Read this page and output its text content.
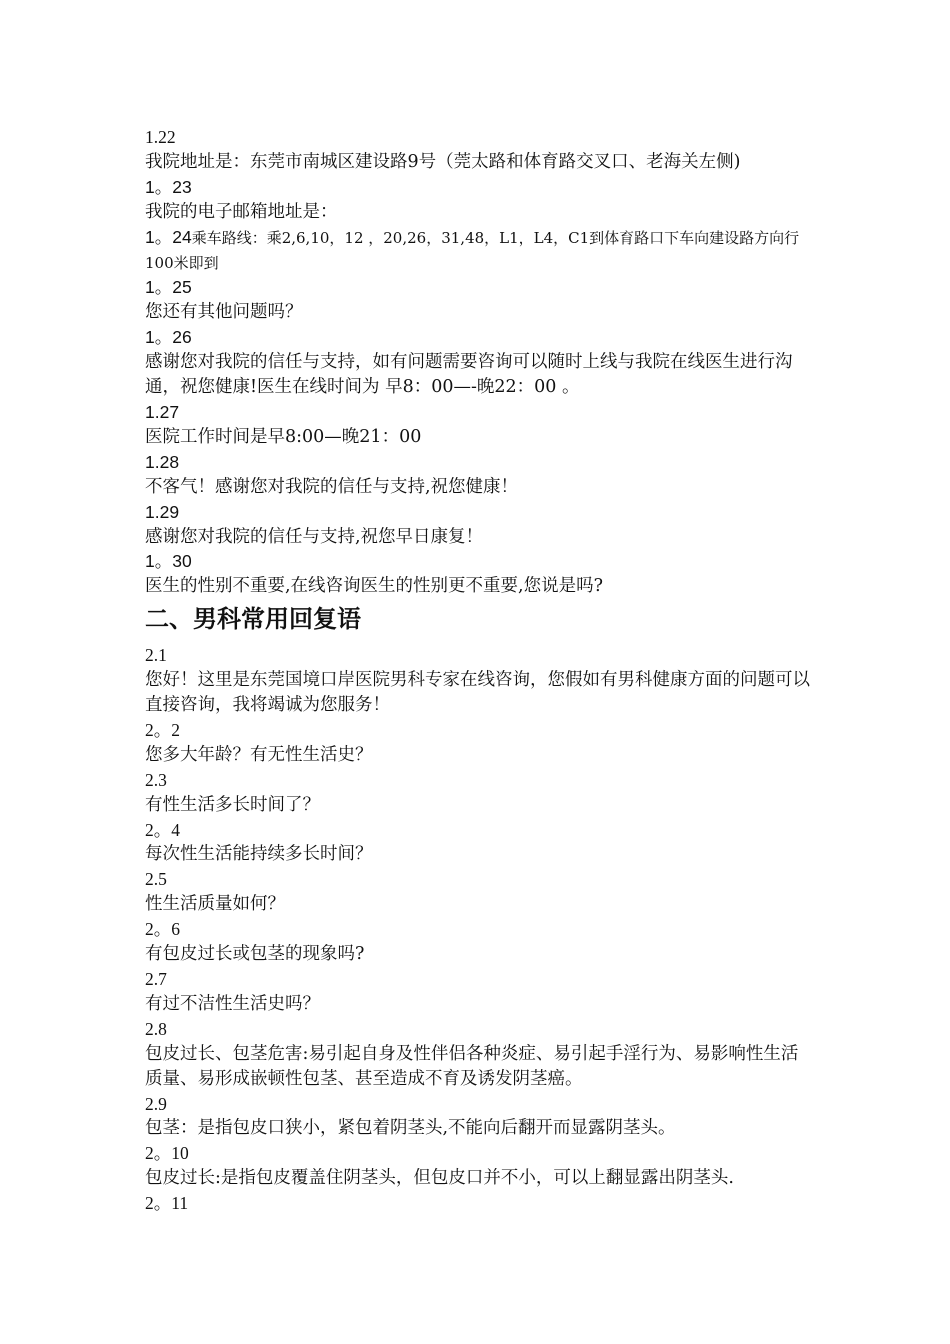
1.22
我院地址是：东莞市南城区建设路9号（莞太路和体育路交叉口、老海关左侧)
1。23
我院的电子邮箱地址是：
1。24乘车路线：乘2,6,10，12 ，20,26，31,48，L1，L4，C1到体育路口下车向建设路方向行100米即到
1。25
您还有其他问题吗？
1。26
感谢您对我院的信任与支持，如有问题需要咨询可以随时上线与我院在线医生进行沟通，祝您健康!医生在线时间为 早8：00—-晚22：00 。
1.27
医院工作时间是早8:00—晚21：00
1.28
不客气！感谢您对我院的信任与支持,祝您健康！
1.29
感谢您对我院的信任与支持,祝您早日康复！
1。30
医生的性别不重要,在线咨询医生的性别更不重要,您说是吗?
二、男科常用回复语
2.1
您好！这里是东莞国境口岸医院男科专家在线咨询，您假如有男科健康方面的问题可以直接咨询，我将竭诚为您服务！
2。2
您多大年龄？有无性生活史？
2.3
有性生活多长时间了？
2。4
每次性生活能持续多长时间？
2.5
性生活质量如何？
2。6
有包皮过长或包茎的现象吗?
2.7
有过不洁性生活史吗？
2.8
包皮过长、包茎危害:易引起自身及性伴侣各种炎症、易引起手淫行为、易影响性生活质量、易形成嵌顿性包茎、甚至造成不育及诱发阴茎癌。
2.9
包茎：是指包皮口狭小，紧包着阴茎头,不能向后翻开而显露阴茎头。
2。10
包皮过长:是指包皮覆盖住阴茎头，但包皮口并不小，可以上翻显露出阴茎头.
2。11
